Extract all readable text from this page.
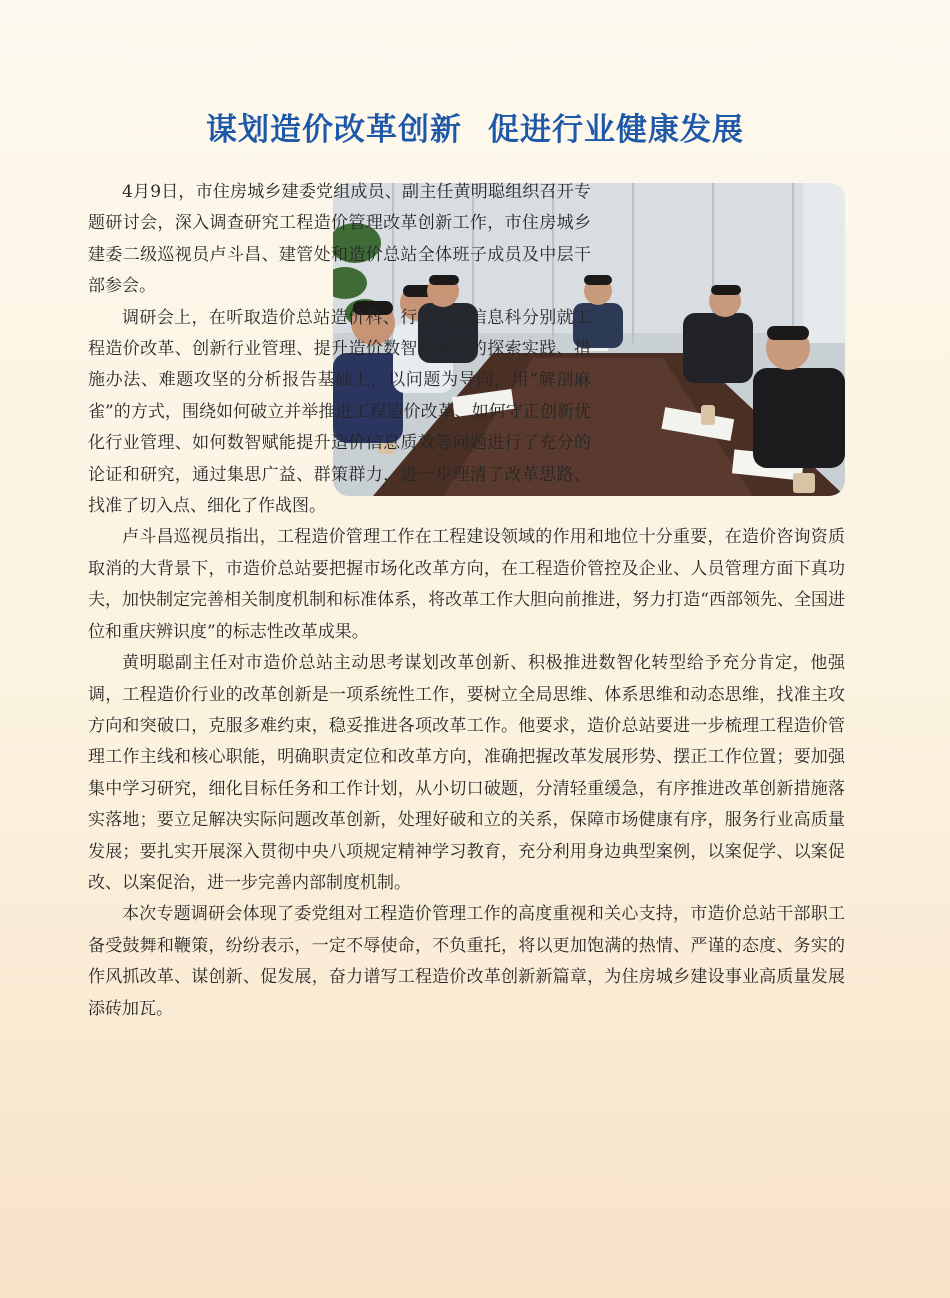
谋划造价改革创新 促进行业健康发展

4月9日，市住房城乡建委党组成员、副主任黄明聪组织召开专题研讨会，深入调查研究工程造价管理改革创新工作，市住房城乡建委二级巡视员卢斗昌、建管处和造价总站全体班子成员及中层干部参会。

调研会上，在听取造价总站造价科、行业科、信息科分别就工程造价改革、创新行业管理、提升造价数智化水平的探索实践、措施办法、难题攻坚的分析报告基础上，以问题为导向，用“解剖麻雀”的方式，围绕如何破立并举推进工程造价改革、如何守正创新优化行业管理、如何数智赋能提升造价信息质效等问题进行了充分的论证和研究，通过集思广益、群策群力，进一步理清了改革思路、找准了切入点、细化了作战图。

卢斗昌巡视员指出，工程造价管理工作在工程建设领域的作用和地位十分重要，在造价咨询资质取消的大背景下，市造价总站要把握市场化改革方向，在工程造价管控及企业、人员管理方面下真功夫，加快制定完善相关制度机制和标准体系，将改革工作大胆向前推进，努力打造“西部领先、全国进位和重庆辨识度”的标志性改革成果。

黄明聪副主任对市造价总站主动思考谋划改革创新、积极推进数智化转型给予充分肯定，他强调，工程造价行业的改革创新是一项系统性工作，要树立全局思维、体系思维和动态思维，找准主攻方向和突破口，克服多难约束，稳妥推进各项改革工作。他要求，造价总站要进一步梳理工程造价管理工作主线和核心职能，明确职责定位和改革方向，准确把握改革发展形势、摆正工作位置；要加强集中学习研究，细化目标任务和工作计划，从小切口破题，分清轻重缓急，有序推进改革创新措施落实落地；要立足解决实际问题改革创新，处理好破和立的关系，保障市场健康有序，服务行业高质量发展；要扎实开展深入贯彻中央八项规定精神学习教育，充分利用身边典型案例，以案促学、以案促改、以案促治，进一步完善内部制度机制。

本次专题调研会体现了委党组对工程造价管理工作的高度重视和关心支持，市造价总站干部职工备受鼓舞和鞭策，纷纷表示，一定不辱使命，不负重托，将以更加饱满的热情、严谨的态度、务实的作风抓改革、谋创新、促发展，奋力谱写工程造价改革创新新篇章，为住房城乡建设事业高质量发展添砖加瓦。
